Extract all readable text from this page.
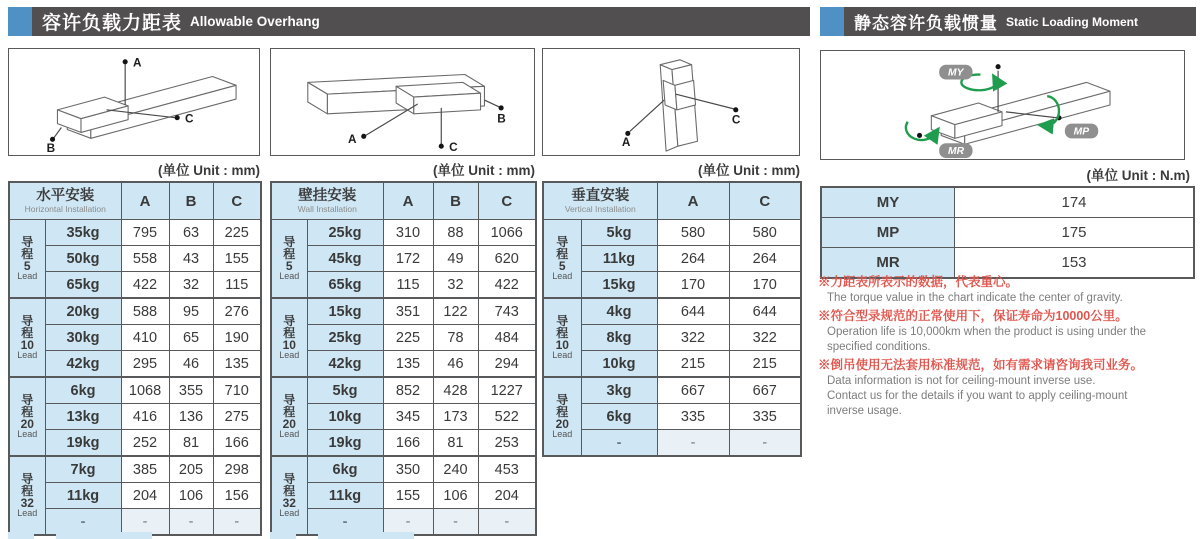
容许负载力距表 Allowable Overhang	静态容许负载惯量 Static Loading Moment
A
B
C	B
A
C	A
C
MY
MP
MR
(单位 Unit : mm)	(单位 Unit : mm)	(单位 Unit : mm)	(单位 Unit : N.m)
水平安装
Horizontal Installation		A	B	C

导
程
5
Lead	35kg	795	63	225
	50kg	558	43	155
	65kg	422	32	115

导
程
10
Lead	20kg	588	95	276
	30kg	410	65	190
	42kg	295	46	135

导
程
20
Lead	6kg	1068	355	710
	13kg	416	136	275
	19kg	252	81	166

导
程
32
Lead	7kg	385	205	298
	11kg	204	106	156
	-	-	-	-
壁挂安装
Wall Installation		A	B	C

导
程
5
Lead	25kg	310	88	1066
	45kg	172	49	620
	65kg	115	32	422

导
程
10
Lead	15kg	351	122	743
	25kg	225	78	484
	42kg	135	46	294

导
程
20
Lead	5kg	852	428	1227
	10kg	345	173	522
	19kg	166	81	253

导
程
32
Lead	6kg	350	240	453
	11kg	155	106	204
	-	-	-	-
垂直安装
Vertical Installation		A	C

导
程
5
Lead	5kg	580	580
	11kg	264	264
	15kg	170	170

导
程
10
Lead	4kg	644	644
	8kg	322	322
	10kg	215	215

导
程
20
Lead	3kg	667	667
	6kg	335	335
	-	-	-
MY	174
MP	175
MR	153

※力距表所表示的数据，代表重心。

The torque value in the chart indicate the center of gravity.

※符合型录规范的正常使用下，保证寿命为10000公里。

Operation life is 10,000km when the product is using under the

specified conditions.

※倒吊使用无法套用标准规范，如有需求请咨询我司业务。

Data information is not for ceiling-mount inverse use.

Contact us for the details if you want to apply ceiling-mount

inverse usage.
